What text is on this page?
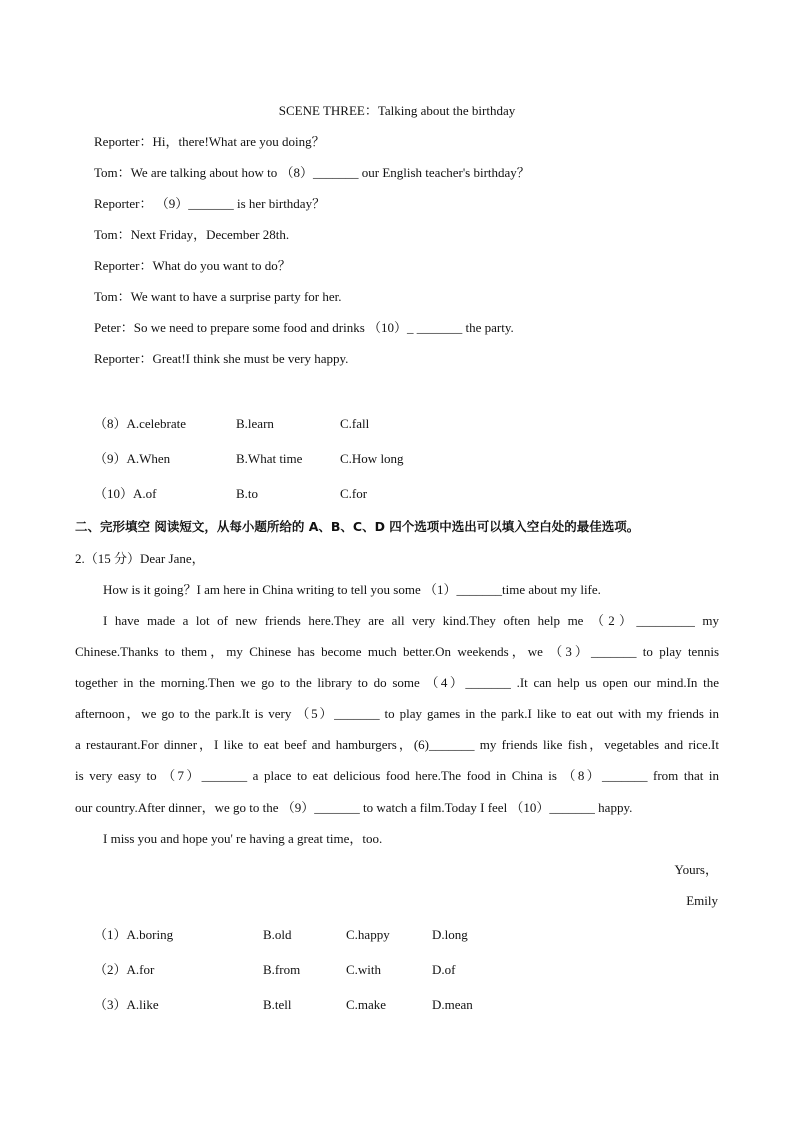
SCENE THREE：Talking about the birthday
Reporter：Hi，there!What are you doing？
Tom：We are talking about how to （8）_______ our English teacher's birthday？
Reporter： （9）_______ is her birthday？
Tom：Next Friday，December 28th.
Reporter：What do you want to do？
Tom：We want to have a surprise party for her.
Peter：So we need to prepare some food and drinks （10）_ _______ the party.
Reporter：Great!I think she must be very happy.
（8）A.celebrate	B.learn	C.fall
（9）A.When	B.What time	C.How long
（10）A.of	B.to	C.for
二、完形填空 阅读短文，从每小题所给的 A、B、C、D 四个选项中选出可以填入空白处的最佳选项。
2.（15 分）Dear Jane，
How is it going？I am here in China writing to tell you some （1）_______time about my life.
I have made a lot of new friends here.They are all very kind.They often help me （2）_________ my
Chinese.Thanks to them，my Chinese has become much better.On weekends，we （3）_______ to play tennis
together in the morning.Then we go to the library to do some （4）_______ .It can help us open our mind.In the
afternoon，we go to the park.It is very （5）_______ to play games in the park.I like to eat out with my friends in
a restaurant.For dinner，I like to eat beef and hamburgers，(6)_______ my friends like fish，vegetables and rice.It
is very easy to （7）_______ a place to eat delicious food here.The food in China is （8）_______ from that in
our country.After dinner，we go to the （9）_______ to watch a film.Today I feel （10）_______ happy.
I miss you and hope you' re having a great time，too.
Yours，
Emily
（1）A.boring	B.old	C.happy	D.long
（2）A.for	B.from	C.with	D.of
（3）A.like	B.tell	C.make	D.mean
